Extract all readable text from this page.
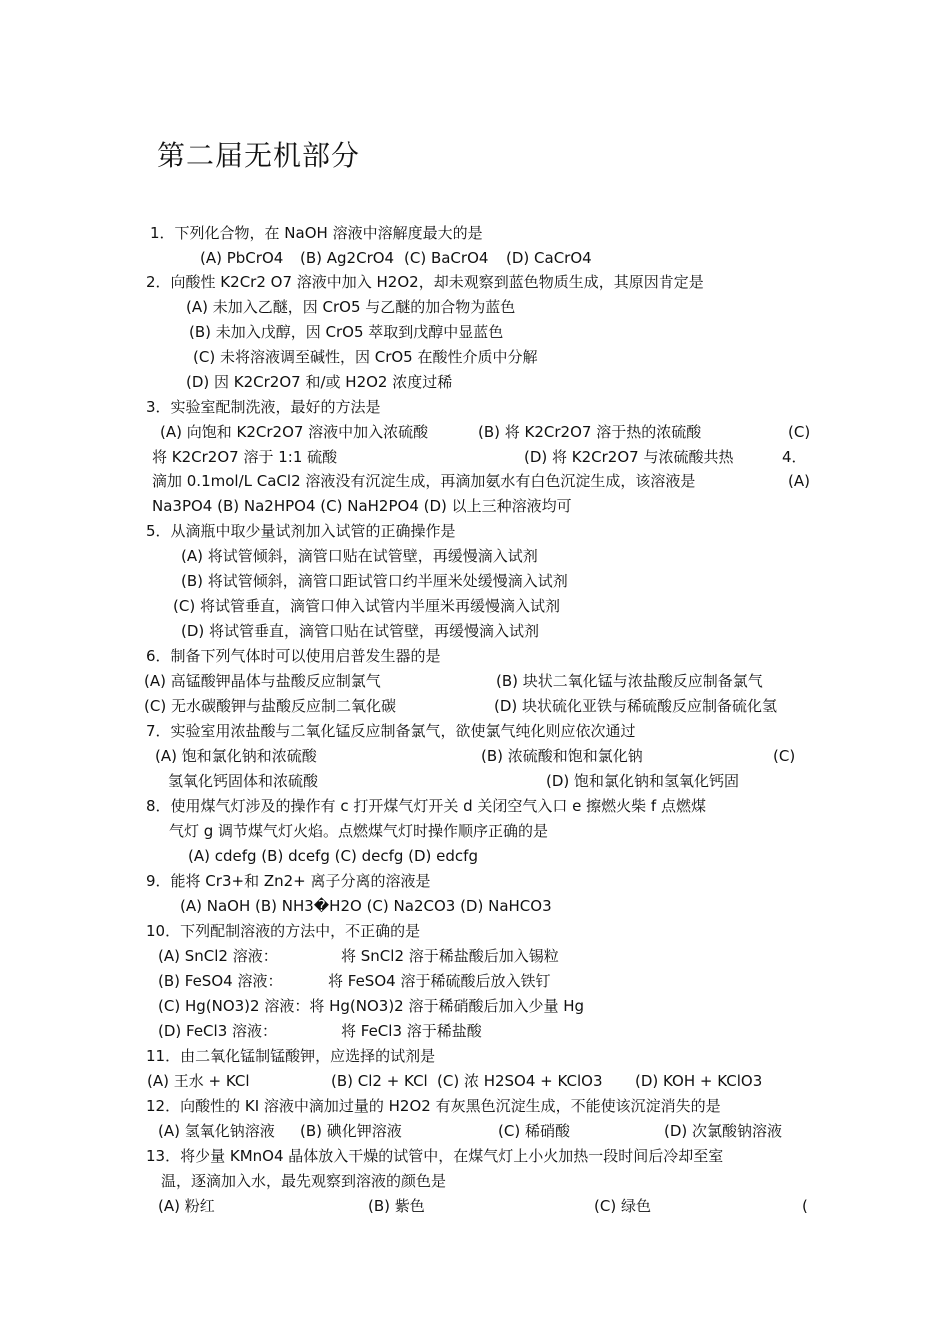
第二届无机部分
1．下列化合物，在 NaOH 溶液中溶解度最大的是
(A) PbCrO4 (B) Ag2CrO4 (C) BaCrO4 (D) CaCrO4
2．向酸性 K2Cr2 O7 溶液中加入 H2O2，却未观察到蓝色物质生成，其原因肯定是
(A) 未加入乙醚，因 CrO5 与乙醚的加合物为蓝色
(B) 未加入戊醇，因 CrO5 萃取到戊醇中显蓝色
(C) 未将溶液调至碱性，因 CrO5 在酸性介质中分解
(D) 因 K2Cr2O7 和/或 H2O2 浓度过稀
3．实验室配制洗液，最好的方法是
(A) 向饱和 K2Cr2O7 溶液中加入浓硫酸	(B) 将 K2Cr2O7 溶于热的浓硫酸	(C)
将 K2Cr2O7 溶于 1:1 硫酸	(D) 将 K2Cr2O7 与浓硫酸共热	4．
滴加 0.1mol/L CaCl2 溶液没有沉淀生成，再滴加氨水有白色沉淀生成，该溶液是	(A)
Na3PO4 (B) Na2HPO4 (C) NaH2PO4 (D) 以上三种溶液均可
5．从滴瓶中取少量试剂加入试管的正确操作是
(A) 将试管倾斜，滴管口贴在试管壁，再缓慢滴入试剂
(B) 将试管倾斜，滴管口距试管口约半厘米处缓慢滴入试剂
(C) 将试管垂直，滴管口伸入试管内半厘米再缓慢滴入试剂
(D) 将试管垂直，滴管口贴在试管壁，再缓慢滴入试剂
6．制备下列气体时可以使用启普发生器的是
(A) 高锰酸钾晶体与盐酸反应制氯气	(B) 块状二氧化锰与浓盐酸反应制备氯气
(C) 无水碳酸钾与盐酸反应制二氧化碳	(D) 块状硫化亚铁与稀硫酸反应制备硫化氢
7．实验室用浓盐酸与二氧化锰反应制备氯气，欲使氯气纯化则应依次通过
(A) 饱和氯化钠和浓硫酸	(B) 浓硫酸和饱和氯化钠	(C)
氢氧化钙固体和浓硫酸	(D) 饱和氯化钠和氢氧化钙固
8．使用煤气灯涉及的操作有 c 打开煤气灯开关 d 关闭空气入口 e 擦燃火柴 f 点燃煤
气灯 g 调节煤气灯火焰。点燃煤气灯时操作顺序正确的是
(A) cdefg (B) dcefg (C) decfg (D) edcfg
9．能将 Cr3+和 Zn2+ 离子分离的溶液是
(A) NaOH (B) NH3�H2O (C) Na2CO3 (D) NaHCO3
10．下列配制溶液的方法中，不正确的是
(A) SnCl2 溶液：	将 SnCl2 溶于稀盐酸后加入锡粒
(B) FeSO4 溶液：	将 FeSO4 溶于稀硫酸后放入铁钉
(C) Hg(NO3)2 溶液：将 Hg(NO3)2 溶于稀硝酸后加入少量 Hg
(D) FeCl3 溶液：	将 FeCl3 溶于稀盐酸
11．由二氧化锰制锰酸钾，应选择的试剂是
(A) 王水 + KCl	(B) Cl2 + KCl (C) 浓 H2SO4 + KClO3 (D) KOH + KClO3
12．向酸性的 KI 溶液中滴加过量的 H2O2 有灰黑色沉淀生成，不能使该沉淀消失的是
(A) 氢氧化钠溶液 (B) 碘化钾溶液	(C) 稀硝酸	(D) 次氯酸钠溶液
13．将少量 KMnO4 晶体放入干燥的试管中，在煤气灯上小火加热一段时间后冷却至室
温，逐滴加入水，最先观察到溶液的颜色是
(A) 粉红	(B) 紫色	(C) 绿色	(
